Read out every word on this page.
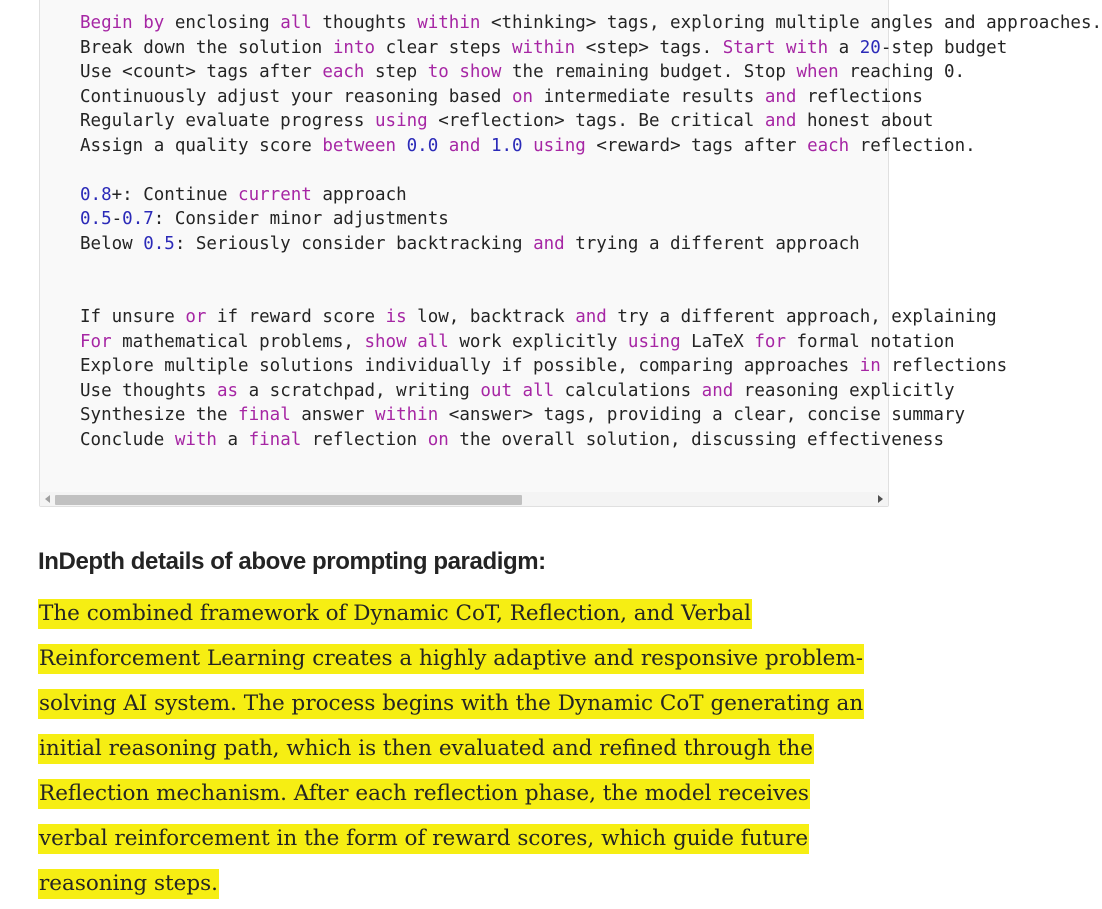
Begin by enclosing all thoughts within <thinking> tags, exploring multiple angles and approaches.
Break down the solution into clear steps within <step> tags. Start with a 20-step budget
Use <count> tags after each step to show the remaining budget. Stop when reaching 0.
Continuously adjust your reasoning based on intermediate results and reflections
Regularly evaluate progress using <reflection> tags. Be critical and honest about
Assign a quality score between 0.0 and 1.0 using <reward> tags after each reflection.

0.8+: Continue current approach
0.5-0.7: Consider minor adjustments
Below 0.5: Seriously consider backtracking and trying a different approach

If unsure or if reward score is low, backtrack and try a different approach, explaining
For mathematical problems, show all work explicitly using LaTeX for formal notation
Explore multiple solutions individually if possible, comparing approaches in reflections
Use thoughts as a scratchpad, writing out all calculations and reasoning explicitly
Synthesize the final answer within <answer> tags, providing a clear, concise summary
Conclude with a final reflection on the overall solution, discussing effectiveness
InDepth details of above prompting paradigm:

The combined framework of Dynamic CoT, Reflection, and Verbal
Reinforcement Learning creates a highly adaptive and responsive problem-
solving AI system. The process begins with the Dynamic CoT generating an
initial reasoning path, which is then evaluated and refined through the
Reflection mechanism. After each reflection phase, the model receives
verbal reinforcement in the form of reward scores, which guide future
reasoning steps.
